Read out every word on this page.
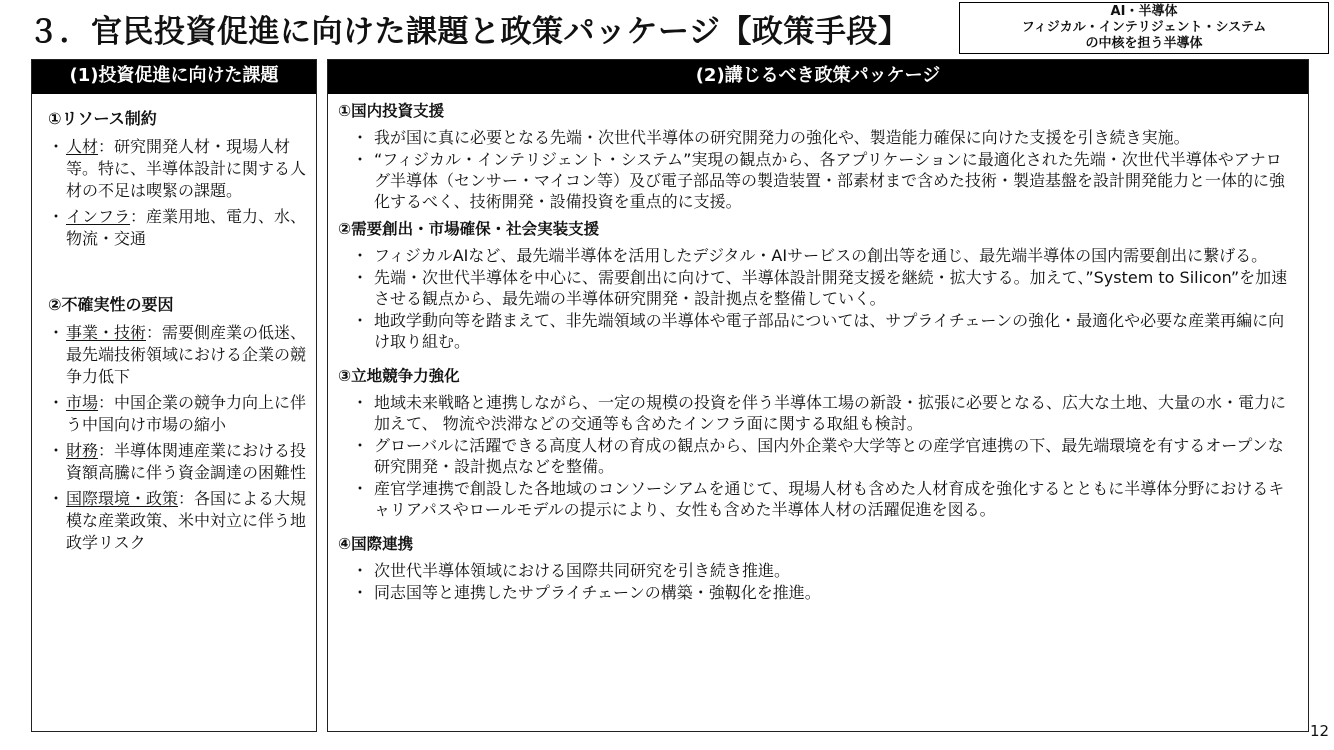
３．官民投資促進に向けた課題と政策パッケージ【政策手段】
AI・半導体
フィジカル・インテリジェント・システム
の中核を担う半導体
(1)投資促進に向けた課題
①リソース制約
・ 人材：研究開発人材・現場人材等。特に、半導体設計に関する人材の不足は喫緊の課題。
・ インフラ：産業用地、電力、水、物流・交通
②不確実性の要因
・ 事業・技術：需要側産業の低迷、最先端技術領域における企業の競争力低下
・ 市場：中国企業の競争力向上に伴う中国向け市場の縮小
・ 財務：半導体関連産業における投資額高騰に伴う資金調達の困難性
・ 国際環境・政策：各国による大規模な産業政策、米中対立に伴う地政学リスク
(2)講じるべき政策パッケージ
①国内投資支援
・ 我が国に真に必要となる先端・次世代半導体の研究開発力の強化や、製造能力確保に向けた支援を引き続き実施。
・ “フィジカル・インテリジェント・システム”実現の観点から、各アプリケーションに最適化された先端・次世代半導体やアナログ半導体（センサー・マイコン等）及び電子部品等の製造装置・部素材まで含めた技術・製造基盤を設計開発能力と一体的に強化するべく、技術開発・設備投資を重点的に支援。
②需要創出・市場確保・社会実装支援
・ フィジカルAIなど、最先端半導体を活用したデジタル・AIサービスの創出等を通じ、最先端半導体の国内需要創出に繋げる。
・ 先端・次世代半導体を中心に、需要創出に向けて、半導体設計開発支援を継続・拡大する。加えて、”System to Silicon”を加速させる観点から、最先端の半導体研究開発・設計拠点を整備していく。
・ 地政学動向等を踏まえて、非先端領域の半導体や電子部品については、サプライチェーンの強化・最適化や必要な産業再編に向け取り組む。
③立地競争力強化
・ 地域未来戦略と連携しながら、一定の規模の投資を伴う半導体工場の新設・拡張に必要となる、広大な土地、大量の水・電力に加えて、 物流や渋滞などの交通等も含めたインフラ面に関する取組も検討。
・ グローバルに活躍できる高度人材の育成の観点から、国内外企業や大学等との産学官連携の下、最先端環境を有するオープンな研究開発・設計拠点などを整備。
・ 産官学連携で創設した各地域のコンソーシアムを通じて、現場人材も含めた人材育成を強化するとともに半導体分野におけるキャリアパスやロールモデルの提示により、女性も含めた半導体人材の活躍促進を図る。
④国際連携
・ 次世代半導体領域における国際共同研究を引き続き推進。
・ 同志国等と連携したサプライチェーンの構築・強靱化を推進。
12
